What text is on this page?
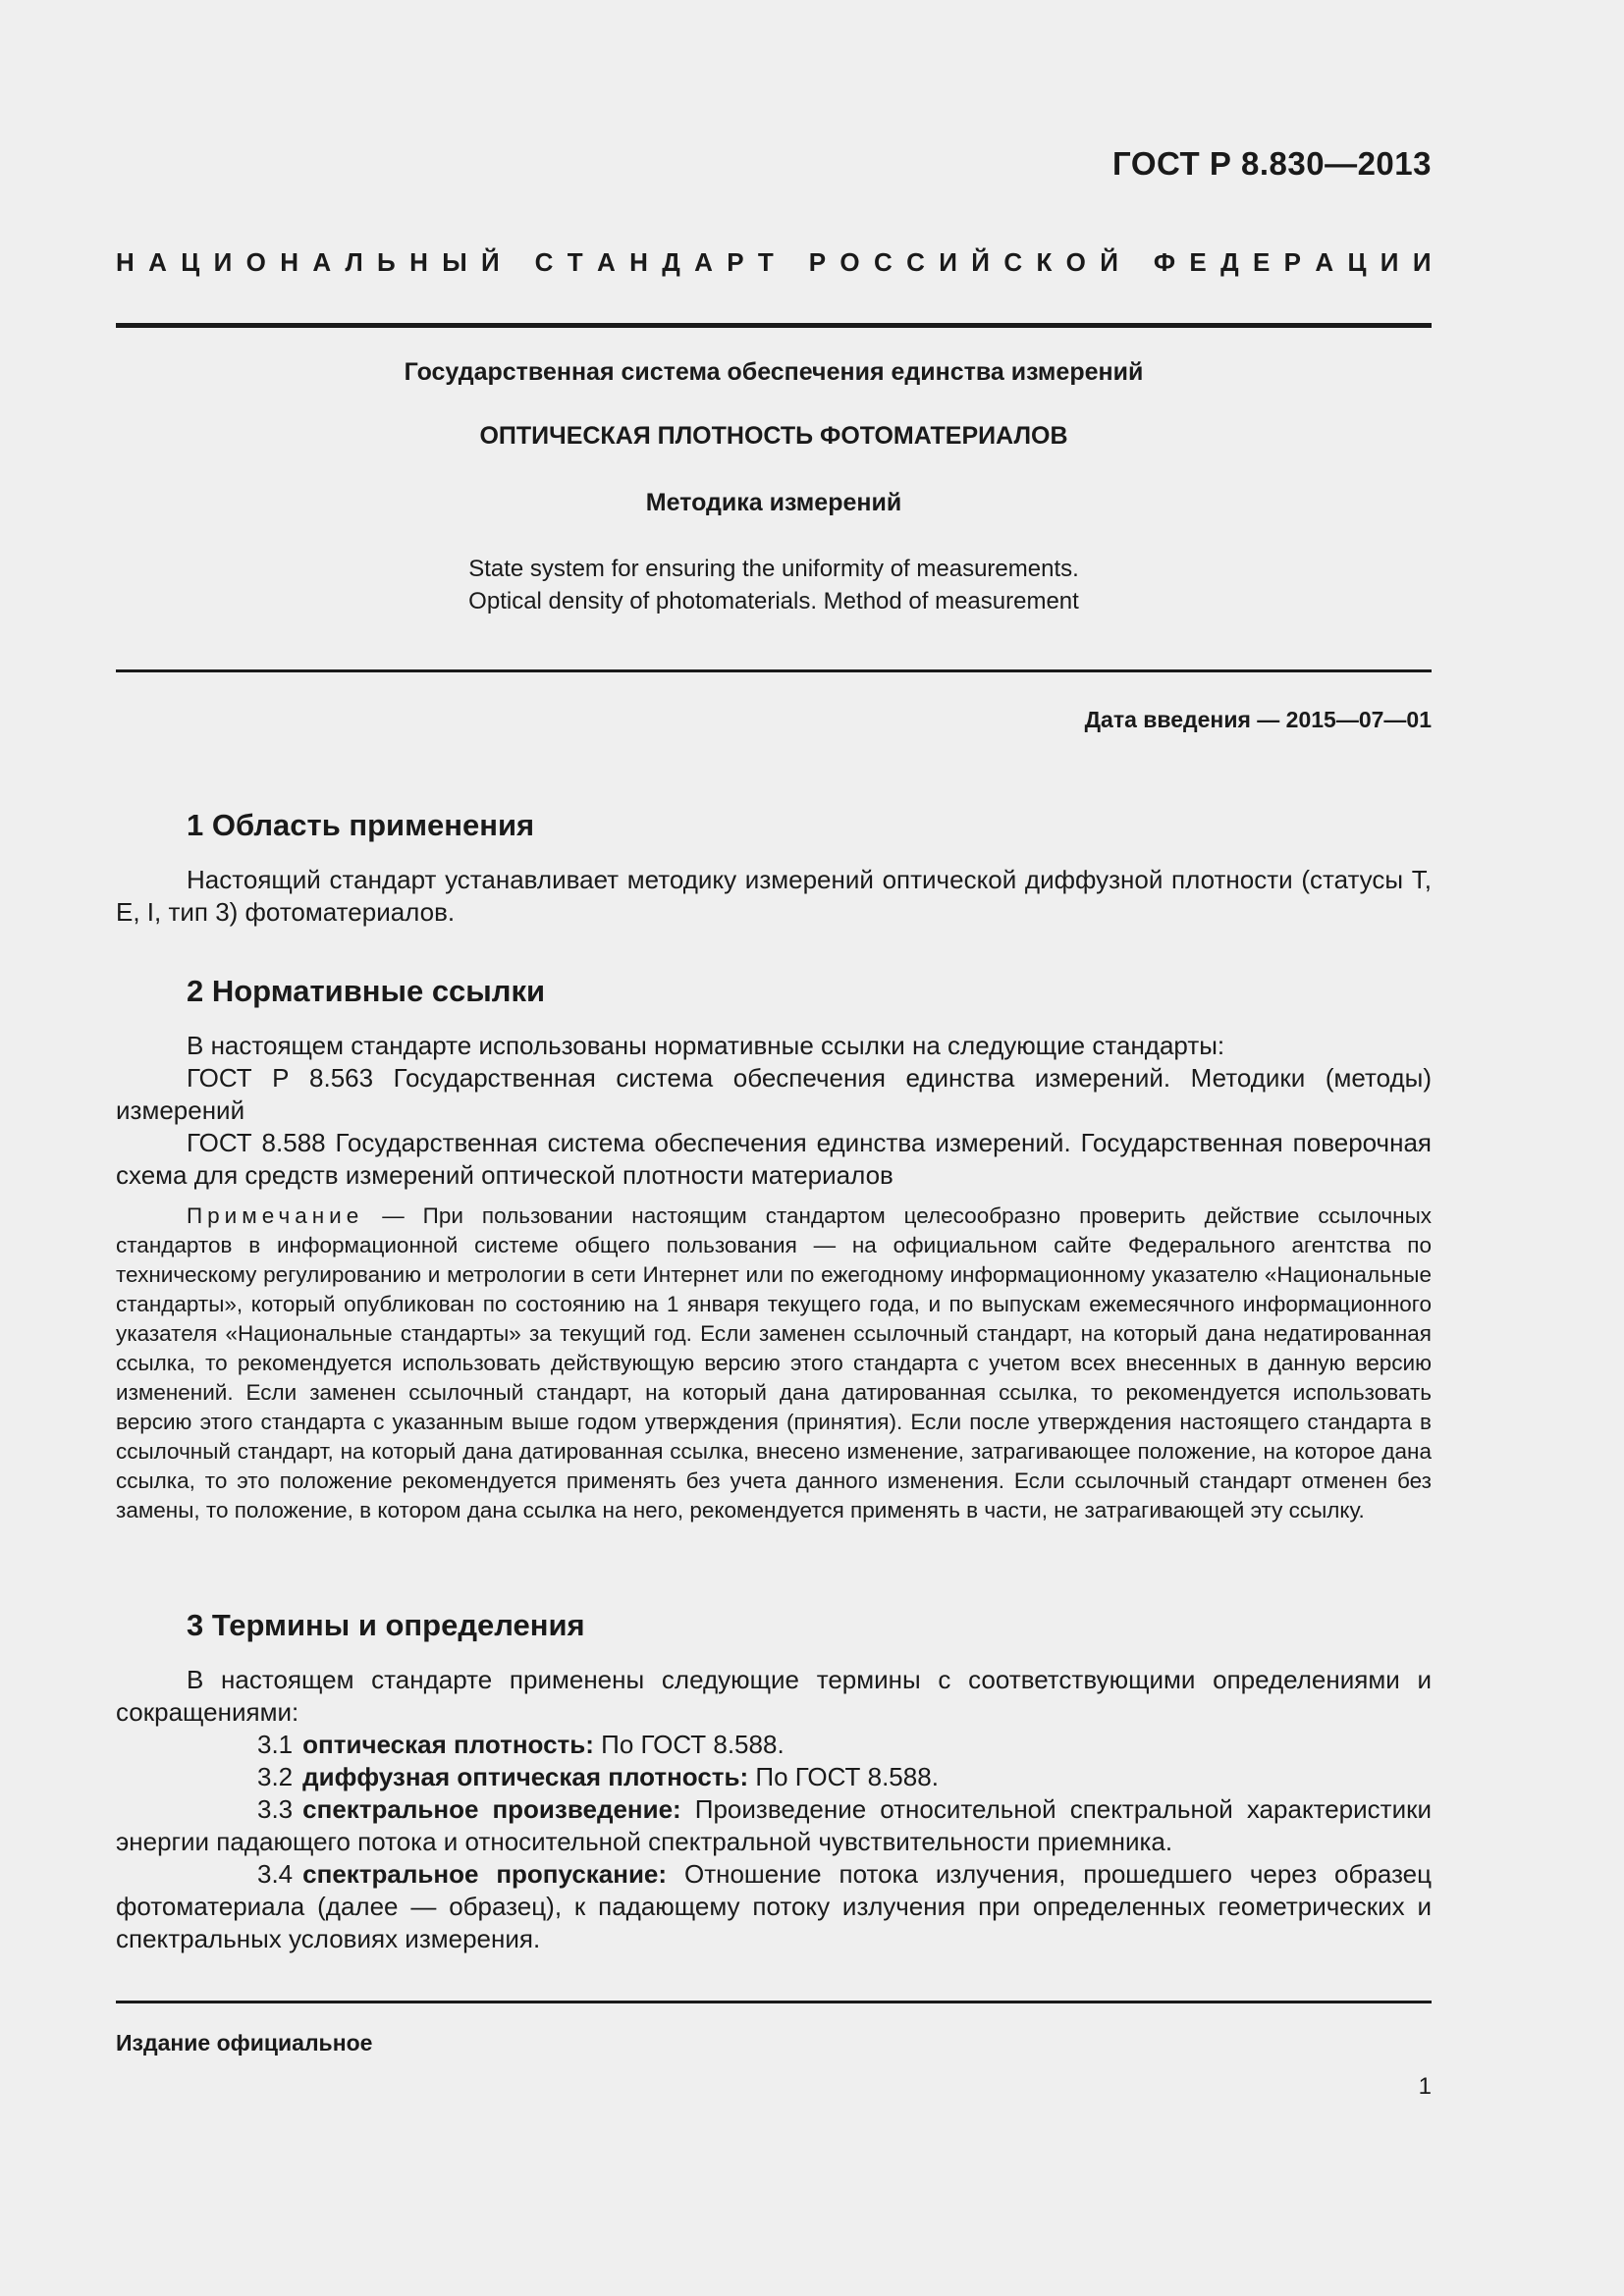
ГОСТ Р 8.830—2013
Н А Ц И О Н А Л Ь Н Ы Й
С Т А Н Д А Р Т
Р О С С И Й С К О Й
Ф Е Д Е Р А Ц И И
Государственная система обеспечения единства измерений
ОПТИЧЕСКАЯ ПЛОТНОСТЬ ФОТОМАТЕРИАЛОВ
Методика измерений
State system for ensuring the uniformity of measurements.
Optical density of photomaterials. Method of measurement
Дата введения — 2015—07—01
1 Область применения

Настоящий стандарт устанавливает методику измерений оптической диффузной плотности (статусы Т, Е, I, тип 3) фотоматериалов.

2 Нормативные ссылки

В настоящем стандарте использованы нормативные ссылки на следующие стандарты:

ГОСТ Р 8.563 Государственная система обеспечения единства измерений. Методики (методы) измерений

ГОСТ 8.588 Государственная система обеспечения единства измерений. Государственная поверочная схема для средств измерений оптической плотности материалов

Примечание — При пользовании настоящим стандартом целесообразно проверить действие ссылочных стандартов в информационной системе общего пользования — на официальном сайте Федерального агентства по техническому регулированию и метрологии в сети Интернет или по ежегодному информационному указателю «Национальные стандарты», который опубликован по состоянию на 1 января текущего года, и по выпускам ежемесячного информационного указателя «Национальные стандарты» за текущий год. Если заменен ссылочный стандарт, на который дана недатированная ссылка, то рекомендуется использовать действующую версию этого стандарта с учетом всех внесенных в данную версию изменений. Если заменен ссылочный стандарт, на который дана датированная ссылка, то рекомендуется использовать версию этого стандарта с указанным выше годом утверждения (принятия). Если после утверждения настоящего стандарта в ссылочный стандарт, на который дана датированная ссылка, внесено изменение, затрагивающее положение, на которое дана ссылка, то это положение рекомендуется применять без учета данного изменения. Если ссылочный стандарт отменен без замены, то положение, в котором дана ссылка на него, рекомендуется применять в части, не затрагивающей эту ссылку.

3 Термины и определения

В настоящем стандарте применены следующие термины с соответствующими определениями и сокращениями:

3.1 оптическая плотность: По ГОСТ 8.588.

3.2 диффузная оптическая плотность: По ГОСТ 8.588.

3.3 спектральное произведение: Произведение относительной спектральной характеристики энергии падающего потока и относительной спектральной чувствительности приемника.

3.4 спектральное пропускание: Отношение потока излучения, прошедшего через образец фотоматериала (далее — образец), к падающему потоку излучения при определенных геометрических и спектральных условиях измерения.

Издание официальное
1
